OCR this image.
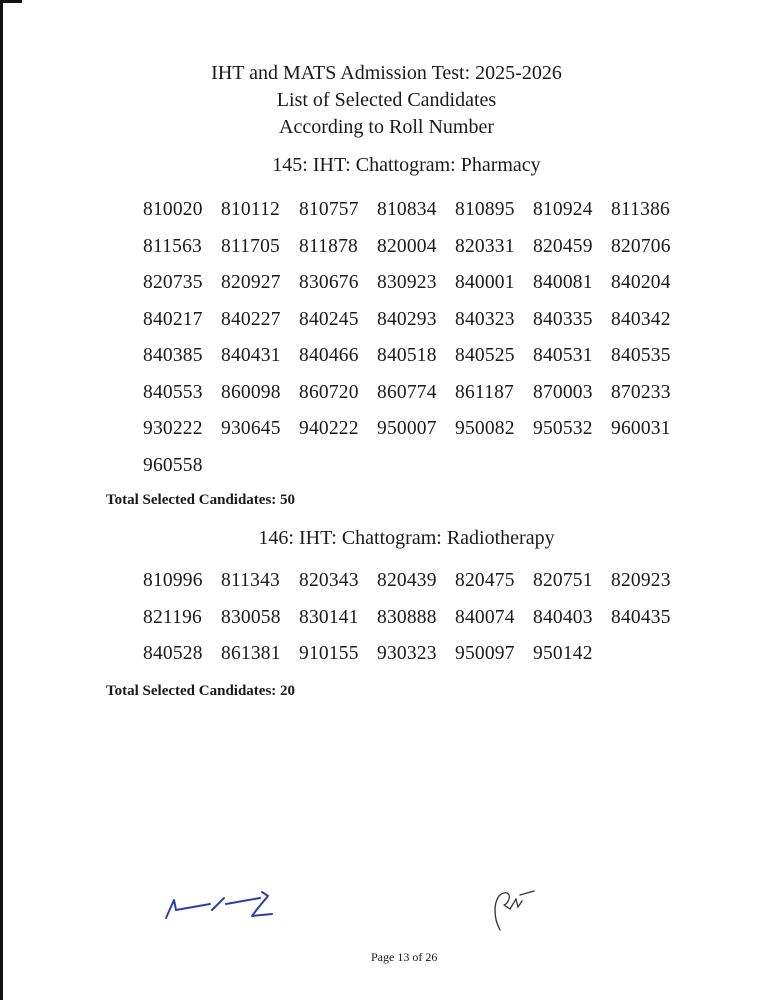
IHT and MATS Admission Test: 2025-2026
List of Selected Candidates
According to Roll Number
145: IHT: Chattogram: Pharmacy
810020 810112 810757 810834 810895 810924 811386
811563 811705 811878 820004 820331 820459 820706
820735 820927 830676 830923 840001 840081 840204
840217 840227 840245 840293 840323 840335 840342
840385 840431 840466 840518 840525 840531 840535
840553 860098 860720 860774 861187 870003 870233
930222 930645 940222 950007 950082 950532 960031
960558
Total Selected Candidates: 50
146: IHT: Chattogram: Radiotherapy
810996 811343 820343 820439 820475 820751 820923
821196 830058 830141 830888 840074 840403 840435
840528 861381 910155 930323 950097 950142
Total Selected Candidates: 20
Page 13 of 26
